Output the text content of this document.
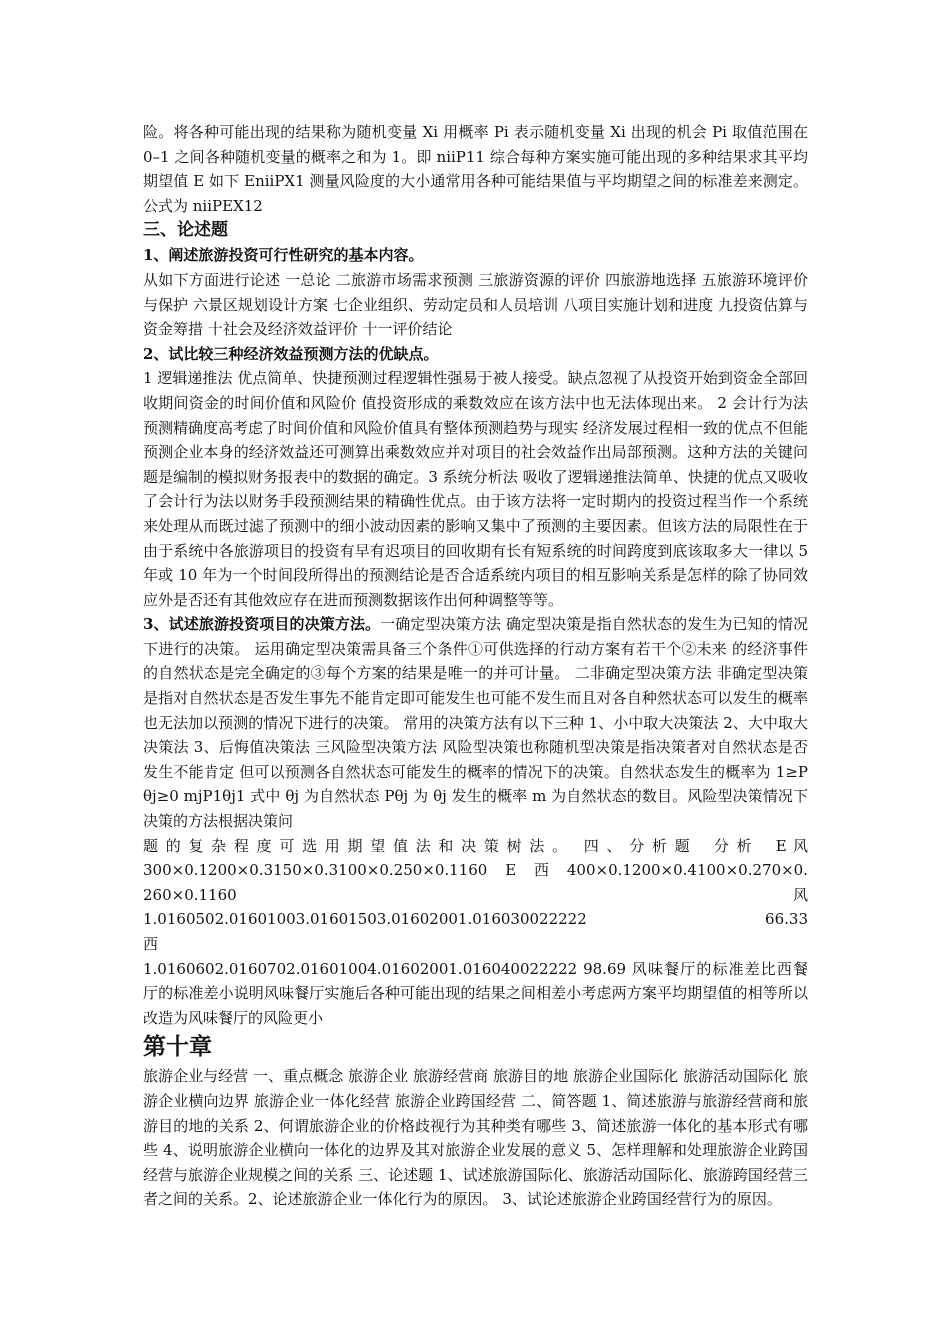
险。将各种可能出现的结果称为随机变量 Xi 用概率 Pi 表示随机变量 Xi 出现的机会 Pi 取值范围在 0–1 之间各种随机变量的概率之和为 1。即 niiP11 综合每种方案实施可能出现的多种结果求其平均期望值 E 如下 EniiPX1 测量风险度的大小通常用各种可能结果值与平均期望之间的标准差来测定。公式为 niiPEX12

三、论述题

1、阐述旅游投资可行性研究的基本内容。

从如下方面进行论述 一总论 二旅游市场需求预测 三旅游资源的评价 四旅游地选择 五旅游环境评价与保护 六景区规划设计方案 七企业组织、劳动定员和人员培训 八项目实施计划和进度 九投资估算与资金筹措 十社会及经济效益评价 十一评价结论

2、试比较三种经济效益预测方法的优缺点。

1 逻辑递推法 优点简单、快捷预测过程逻辑性强易于被人接受。缺点忽视了从投资开始到资金全部回收期间资金的时间价值和风险价 值投资形成的乘数效应在该方法中也无法体现出来。 2 会计行为法 预测精确度高考虑了时间价值和风险价值具有整体预测趋势与现实 经济发展过程相一致的优点不但能预测企业本身的经济效益还可测算出乘数效应并对项目的社会效益作出局部预测。这种方法的关键问题是编制的模拟财务报表中的数据的确定。3 系统分析法 吸收了逻辑递推法简单、快捷的优点又吸收了会计行为法以财务手段预测结果的精确性优点。由于该方法将一定时期内的投资过程当作一个系统来处理从而既过滤了预测中的细小波动因素的影响又集中了预测的主要因素。但该方法的局限性在于由于系统中各旅游项目的投资有早有迟项目的回收期有长有短系统的时间跨度到底该取多大一律以 5 年或 10 年为一个时间段所得出的预测结论是否合适系统内项目的相互影响关系是怎样的除了协同效应外是否还有其他效应存在进而预测数据该作出何种调整等等。

3、试述旅游投资项目的决策方法。一确定型决策方法 确定型决策是指自然状态的发生为已知的情况下进行的决策。 运用确定型决策需具备三个条件①可供选择的行动方案有若干个②未来 的经济事件的自然状态是完全确定的③每个方案的结果是唯一的并可计量。 二非确定型决策方法 非确定型决策是指对自然状态是否发生事先不能肯定即可能发生也可能不发生而且对各自种然状态可以发生的概率也无法加以预测的情况下进行的决策。 常用的决策方法有以下三种 1、小中取大决策法 2、大中取大决策法 3、后悔值决策法 三风险型决策方法 风险型决策也称随机型决策是指决策者对自然状态是否发生不能肯定 但可以预测各自然状态可能发生的概率的情况下的决策。自然状态发生的概率为 1≥Pθj≥0 mjP1θj1 式中 θj 为自然状态 Pθj 为 θj 发生的概率 m 为自然状态的数目。风险型决策情况下决策的方法根据决策问

题 的 复 杂 程 度 可 选 用 期 望 值 法 和 决 策 树 法 。　 四 、 分 析 题　 分 析　 E 风

300×0.1200×0.3150×0.3100×0.250×0.1160　E　西　400×0.1200×0.4100×0.270×0.260×0.1160　风

1.0160502.01601003.01601503.01602001.016030022222　　　　　　66.33　　　　　　　　　西

1.0160602.0160702.01601004.01602001.016040022222 98.69 风味餐厅的标准差比西餐厅的标准差小说明风味餐厅实施后各种可能出现的结果之间相差小考虑两方案平均期望值的相等所以改造为风味餐厅的风险更小

第十章

旅游企业与经营 一、重点概念 旅游企业 旅游经营商 旅游目的地 旅游企业国际化 旅游活动国际化 旅游企业横向边界 旅游企业一体化经营 旅游企业跨国经营 二、简答题 1、简述旅游与旅游经营商和旅游目的地的关系 2、何谓旅游企业的价格歧视行为其种类有哪些 3、简述旅游一体化的基本形式有哪些 4、说明旅游企业横向一体化的边界及其对旅游企业发展的意义 5、怎样理解和处理旅游企业跨国经营与旅游企业规模之间的关系 三、论述题 1、试述旅游国际化、旅游活动国际化、旅游跨国经营三者之间的关系。2、论述旅游企业一体化行为的原因。 3、试论述旅游企业跨国经营行为的原因。
